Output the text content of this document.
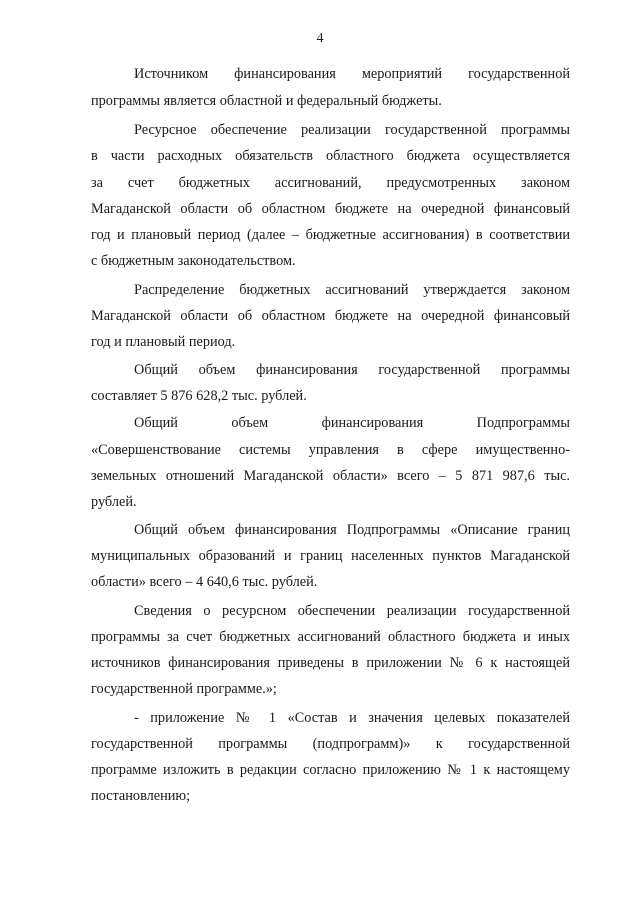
4
Источником финансирования мероприятий государственной
программы является областной и федеральный бюджеты.
Ресурсное обеспечение реализации государственной программы
в части расходных обязательств областного бюджета осуществляется
за счет бюджетных ассигнований, предусмотренных законом
Магаданской области об областном бюджете на очередной финансовый
год и плановый период (далее – бюджетные ассигнования) в соответствии
с бюджетным законодательством.
Распределение бюджетных ассигнований утверждается законом
Магаданской области об областном бюджете на очередной финансовый
год и плановый период.
Общий объем финансирования государственной программы
составляет 5 876 628,2 тыс. рублей.
Общий объем финансирования Подпрограммы
«Совершенствование системы управления в сфере имущественно-
земельных отношений Магаданской области» всего – 5 871 987,6 тыс.
рублей.
Общий объем финансирования Подпрограммы «Описание границ
муниципальных образований и границ населенных пунктов Магаданской
области» всего – 4 640,6 тыс. рублей.
Сведения о ресурсном обеспечении реализации государственной
программы за счет бюджетных ассигнований областного бюджета и иных
источников финансирования приведены в приложении № 6 к настоящей
государственной программе.»;
- приложение № 1 «Состав и значения целевых показателей
государственной программы (подпрограмм)» к государственной
программе изложить в редакции согласно приложению № 1 к настоящему
постановлению;
